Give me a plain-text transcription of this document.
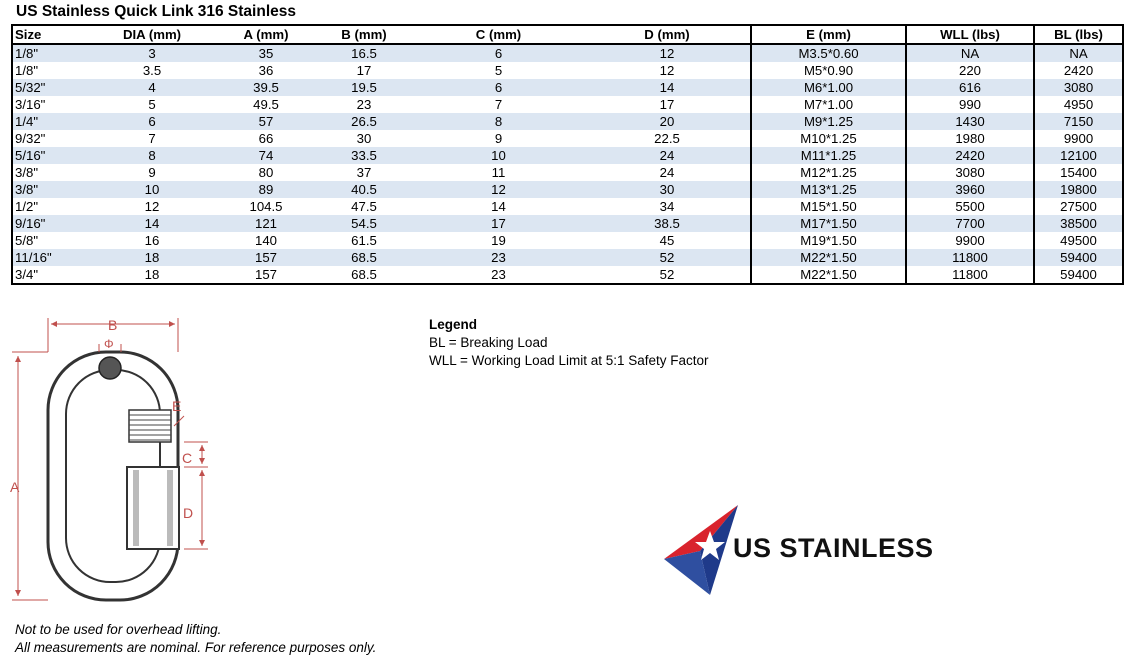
US Stainless Quick Link 316 Stainless
Size	DIA (mm)	A (mm)	B (mm)	C (mm)	D (mm)	E (mm)	WLL (lbs)	BL (lbs)
1/8"	3	35	16.5	6	12	M3.5*0.60	NA	NA
1/8"	3.5	36	17	5	12	M5*0.90	220	2420
5/32"	4	39.5	19.5	6	14	M6*1.00	616	3080
3/16"	5	49.5	23	7	17	M7*1.00	990	4950
1/4"	6	57	26.5	8	20	M9*1.25	1430	7150
9/32"	7	66	30	9	22.5	M10*1.25	1980	9900
5/16"	8	74	33.5	10	24	M11*1.25	2420	12100
3/8"	9	80	37	11	24	M12*1.25	3080	15400
3/8"	10	89	40.5	12	30	M13*1.25	3960	19800
1/2"	12	104.5	47.5	14	34	M15*1.50	5500	27500
9/16"	14	121	54.5	17	38.5	M17*1.50	7700	38500
5/8"	16	140	61.5	19	45	M19*1.50	9900	49500
11/16"	18	157	68.5	23	52	M22*1.50	11800	59400
3/4"	18	157	68.5	23	52	M22*1.50	11800	59400
B
Φ
A
E
C
D
Legend
BL = Breaking Load
WLL = Working Load Limit at 5:1 Safety Factor
US STAINLESS
Not to be used for overhead lifting.
All measurements are nominal. For reference purposes only.
